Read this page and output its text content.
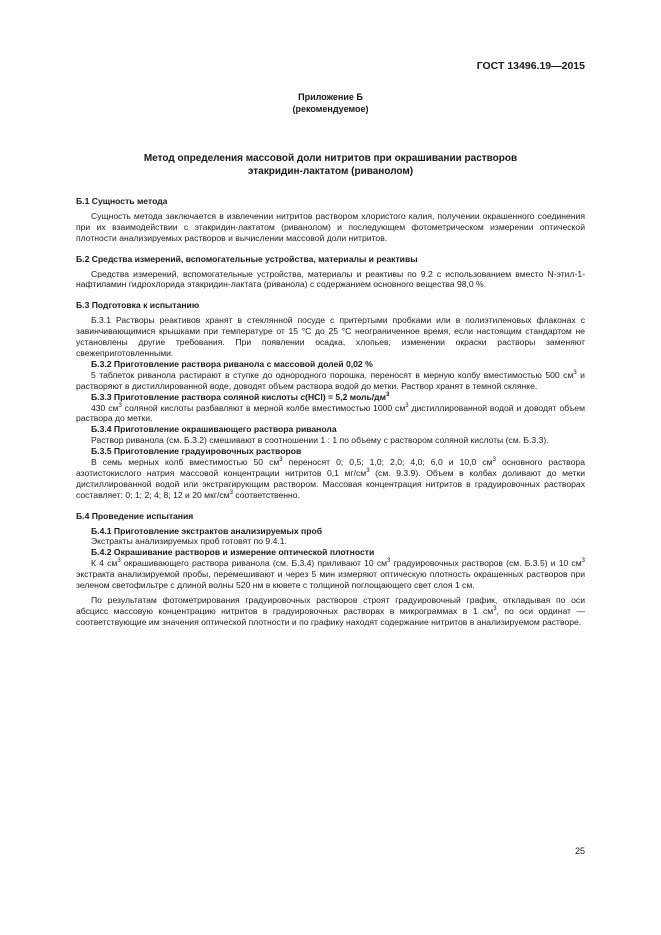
ГОСТ 13496.19—2015
Приложение Б
(рекомендуемое)
Метод определения массовой доли нитритов при окрашивании растворов
этакридин-лактатом (риванолом)
Б.1 Сущность метода

Сущность метода заключается в извлечении нитритов раствором хлористого калия, получении окрашенного соединения при их взаимодействии с этакридин-лактатом (риванолом) и последующем фотометрическом измерении оптической плотности анализируемых растворов и вычислении массовой доли нитритов.

Б.2 Средства измерений, вспомогательные устройства, материалы и реактивы

Средства измерений, вспомогательные устройства, материалы и реактивы по 9.2 с использованием вместо N-этил-1-нафтиламин гидрохлорида этакридин-лактата (риванола) с содержанием основного вещества 98,0 %.

Б.3 Подготовка к испытанию

Б.3.1 Растворы реактивов хранят в стеклянной посуде с притертыми пробками или в полиэтиленовых флаконах с завинчивающимися крышками при температуре от 15 °С до 25 °С неограниченное время, если настоящим стандартом не установлены другие требования. При появлении осадка, хлопьев, изменении окраски растворы заменяют свежеприготовленными.

Б.3.2 Приготовление раствора риванола с массовой долей 0,02 %

5 таблеток риванола растирают в ступке до однородного порошка, переносят в мерную колбу вместимостью 500 $см^3$ и растворяют в дистиллированной воде, доводят объем раствора водой до метки. Раствор хранят в темной склянке.

Б.3.3 Приготовление раствора соляной кислоты c(HCl) = 5,2 моль/$дм^3$

430 $см^3$ соляной кислоты разбавляют в мерной колбе вместимостью 1000 $см^3$ дистиллированной водой и доводят объем раствора до метки.

Б.3.4 Приготовление окрашивающего раствора риванола

Раствор риванола (см. Б.3.2) смешивают в соотношении 1 : 1 по объему с раствором соляной кислоты (см. Б.3.3).

Б.3.5 Приготовление градуировочных растворов

В семь мерных колб вместимостью 50 $см^3$ переносят 0; 0,5; 1,0; 2,0; 4,0; 6,0 и 10,0 $см^3$ основного раствора азотистокислого натрия массовой концентрации нитритов 0,1 $мг/см^3$ (см. 9.3.9). Объем в колбах доливают до метки дистиллированной водой или экстрагирующим раствором. Массовая концентрация нитритов в градуировочных растворах составляет: 0; 1; 2; 4; 8; 12 и 20 мкг/$см^3$ соответственно.

Б.4 Проведение испытания

Б.4.1 Приготовление экстрактов анализируемых проб

Экстракты анализируемых проб готовят по 9.4.1.

Б.4.2 Окрашивание растворов и измерение оптической плотности

К 4 $см^3$ окрашивающего раствора риванола (см. Б.3.4) приливают 10 $см^3$ градуировочных растворов (см. Б.3.5) и 10 $см^3$ экстракта анализируемой пробы, перемешивают и через 5 мин измеряют оптическую плотность окрашенных растворов при зеленом светофильтре с длиной волны 520 нм в кювете с толщиной поглощающего свет слоя 1 см.

По результатам фотометрирования градуировочных растворов строят градуировочный график, откладывая по оси абсцисс массовую концентрацию нитритов в градуировочных растворах в микрограммах в 1 $см^3$, по оси ординат — соответствующие им значения оптической плотности и по графику находят содержание нитритов в анализируемом растворе.

25
